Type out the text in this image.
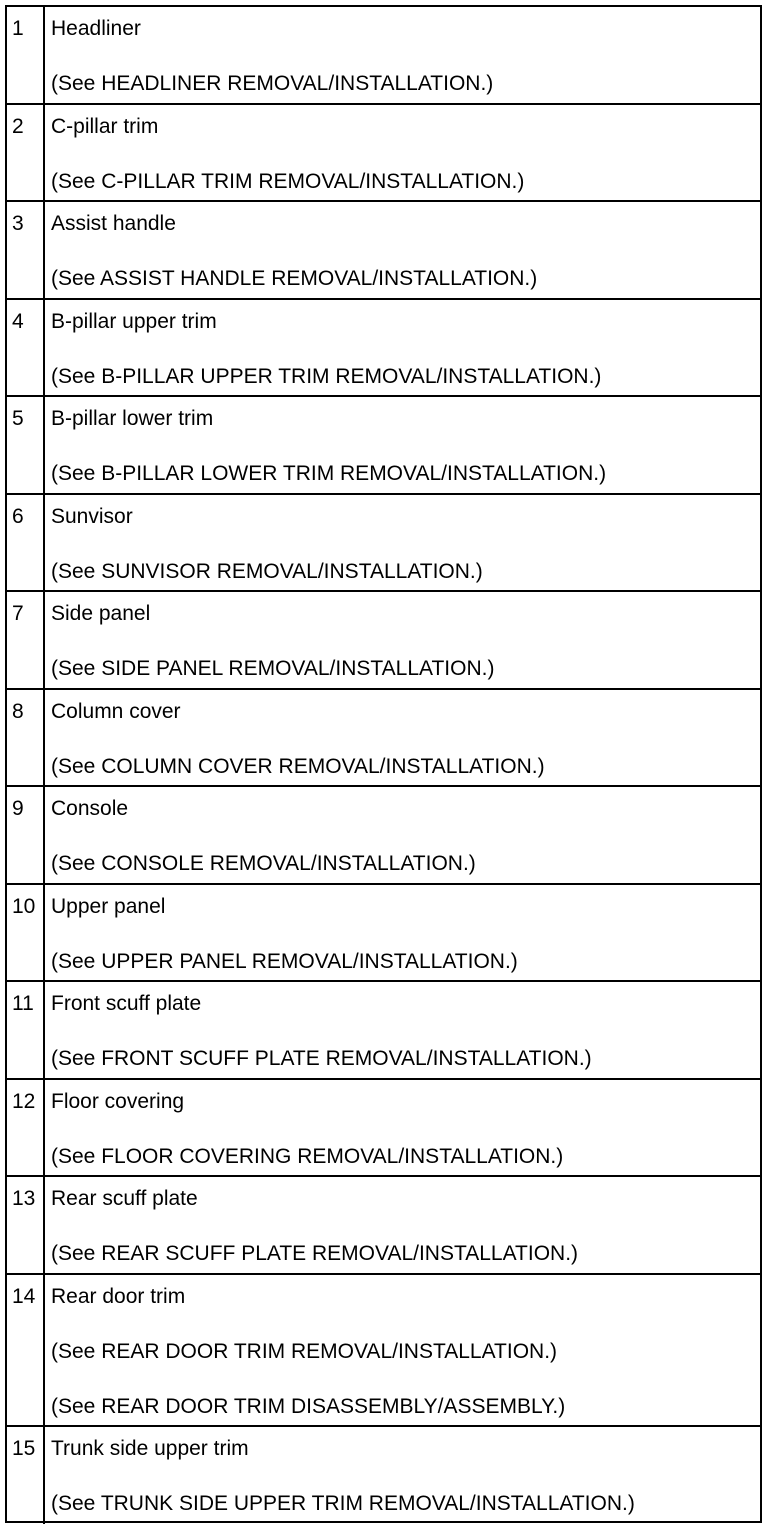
1	Headliner
(See HEADLINER REMOVAL/INSTALLATION.)
2	C-pillar trim
(See C-PILLAR TRIM REMOVAL/INSTALLATION.)
3	Assist handle
(See ASSIST HANDLE REMOVAL/INSTALLATION.)
4	B-pillar upper trim
(See B-PILLAR UPPER TRIM REMOVAL/INSTALLATION.)
5	B-pillar lower trim
(See B-PILLAR LOWER TRIM REMOVAL/INSTALLATION.)
6	Sunvisor
(See SUNVISOR REMOVAL/INSTALLATION.)
7	Side panel
(See SIDE PANEL REMOVAL/INSTALLATION.)
8	Column cover
(See COLUMN COVER REMOVAL/INSTALLATION.)
9	Console
(See CONSOLE REMOVAL/INSTALLATION.)
10 Upper panel
(See UPPER PANEL REMOVAL/INSTALLATION.)
11 Front scuff plate
(See FRONT SCUFF PLATE REMOVAL/INSTALLATION.)
12 Floor covering
(See FLOOR COVERING REMOVAL/INSTALLATION.)
13 Rear scuff plate
(See REAR SCUFF PLATE REMOVAL/INSTALLATION.)
14 Rear door trim
(See REAR DOOR TRIM REMOVAL/INSTALLATION.)
(See REAR DOOR TRIM DISASSEMBLY/ASSEMBLY.)
15 Trunk side upper trim
(See TRUNK SIDE UPPER TRIM REMOVAL/INSTALLATION.)
